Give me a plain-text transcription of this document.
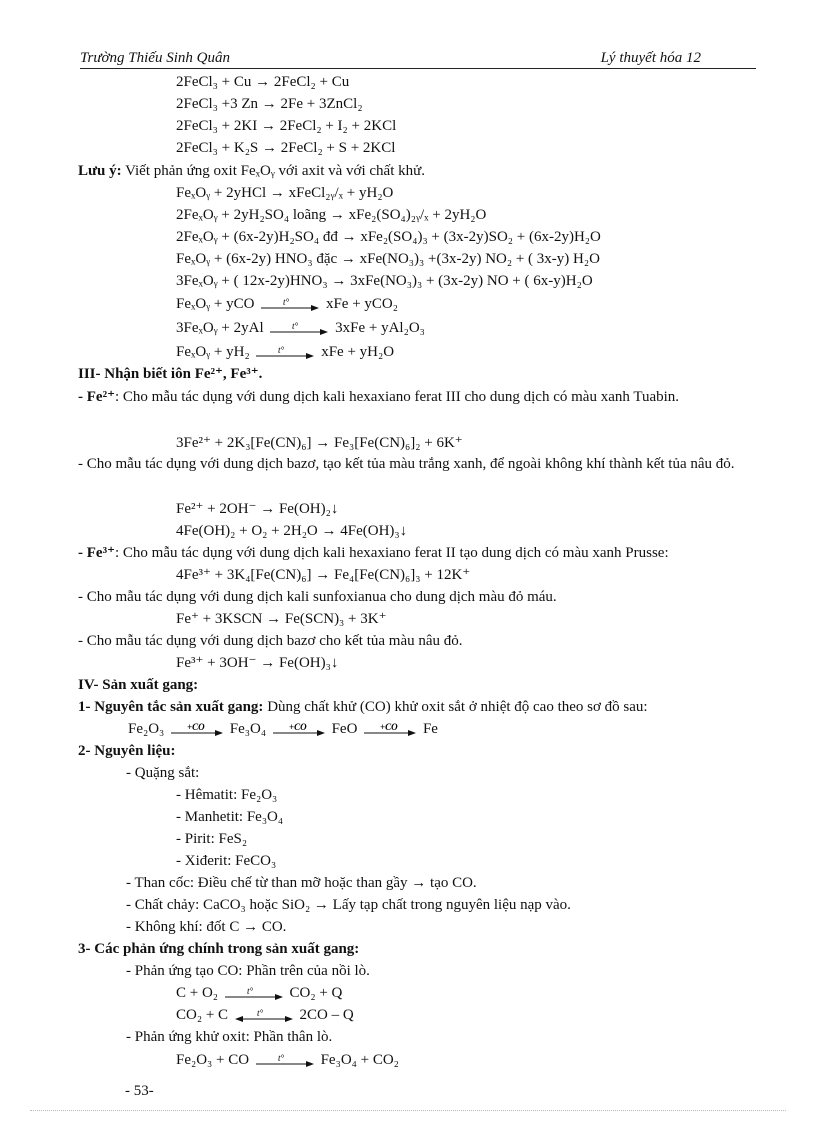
Trường Thiếu Sinh Quân	Lý thuyết hóa 12
2FeCl₃ + Cu → 2FeCl₂ + Cu
2FeCl₃ +3 Zn → 2Fe + 3ZnCl₂
2FeCl₃ + 2KI → 2FeCl₂ + I₂ + 2KCl
2FeCl₃ + K₂S → 2FeCl₂ + S + 2KCl
Lưu ý: Viết phản ứng oxit FeₓOᵧ với axit và với chất khử.
FeₓOᵧ + 2yHCl → xFeCl₂ᵧ/ₓ + yH₂O
2FeₓOᵧ + 2yH₂SO₄ loãng → xFe₂(SO₄)₂ᵧ/ₓ + 2yH₂O
2FeₓOᵧ + (6x-2y)H₂SO₄ đđ → xFe₂(SO₄)₃ + (3x-2y)SO₂ + (6x-2y)H₂O
FeₓOᵧ + (6x-2y) HNO₃ đặc → xFe(NO₃)₃ +(3x-2y) NO₂ + ( 3x-y) H₂O
3FeₓOᵧ + ( 12x-2y)HNO₃ → 3xFe(NO₃)₃ + (3x-2y) NO + ( 6x-y)H₂O
FeₓOᵧ + yCO	t° xFe + yCO₂
3FeₓOᵧ + 2yAl	t° 3xFe + yAl₂O₃
FeₓOᵧ + yH₂	t° xFe + yH₂O
III- Nhận biết iôn Fe²⁺, Fe³⁺.
- Fe²⁺: Cho mẫu tác dụng với dung dịch kali hexaxiano ferat III cho dung dịch có màu xanh Tuabin.
3Fe²⁺ + 2K₃[Fe(CN)₆] → Fe₃[Fe(CN)₆]₂ + 6K⁺
- Cho mẫu tác dụng với dung dịch bazơ, tạo kết tủa màu trắng xanh, để ngoài không khí thành kết tủa nâu đỏ.
Fe²⁺ + 2OH⁻ → Fe(OH)₂↓
4Fe(OH)₂ + O₂ + 2H₂O → 4Fe(OH)₃↓
- Fe³⁺: Cho mẫu tác dụng với dung dịch kali hexaxiano ferat II tạo dung dịch có màu xanh Prusse:
4Fe³⁺ + 3K₄[Fe(CN)₆] → Fe₄[Fe(CN)₆]₃ + 12K⁺
- Cho mẫu tác dụng với dung dịch kali sunfoxianua cho dung dịch màu đỏ máu.
Fe⁺ + 3KSCN → Fe(SCN)₃ + 3K⁺
- Cho mẫu tác dụng với dung dịch bazơ cho kết tủa màu nâu đỏ.
Fe³⁺ + 3OH⁻ → Fe(OH)₃↓
IV- Sản xuất gang:
1- Nguyên tắc sản xuất gang: Dùng chất khử (CO) khử oxit sắt ở nhiệt độ cao theo sơ đồ sau:
Fe₂O₃	+CO Fe₃O₄	+CO FeO	+CO Fe
2- Nguyên liệu:
- Quặng sắt:
- Hêmatit: Fe₂O₃
- Manhetit: Fe₃O₄
- Pirit: FeS₂
- Xiđerit: FeCO₃
- Than cốc: Điều chế từ than mỡ hoặc than gầy → tạo CO.
- Chất chảy: CaCO₃ hoặc SiO₂ → Lấy tạp chất trong nguyên liệu nạp vào.
- Không khí: đốt C → CO.
3- Các phản ứng chính trong sản xuất gang:
- Phản ứng tạo CO: Phần trên của nồi lò.
C + O₂	t° CO₂ + Q
CO₂ + C	t° 2CO – Q
- Phản ứng khử oxit: Phần thân lò.
Fe₂O₃ + CO	t° Fe₃O₄ + CO₂
- 53-
